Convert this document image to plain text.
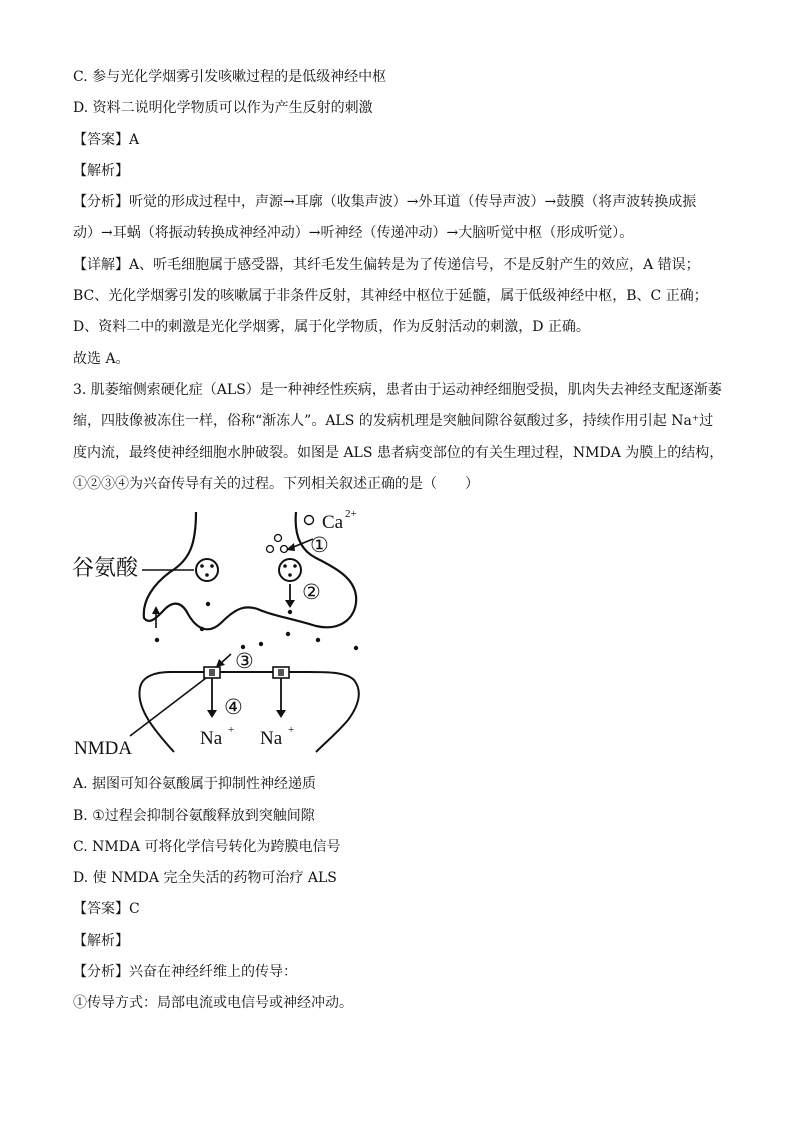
C. 参与光化学烟雾引发咳嗽过程的是低级神经中枢
D. 资料二说明化学物质可以作为产生反射的刺激
【答案】A
【解析】
【分析】听觉的形成过程中，声源→耳廓（收集声波）→外耳道（传导声波）→鼓膜（将声波转换成振
动）→耳蜗（将振动转换成神经冲动）→听神经（传递冲动）→大脑听觉中枢（形成听觉）。
【详解】A、听毛细胞属于感受器，其纤毛发生偏转是为了传递信号，不是反射产生的效应，A 错误；
BC、光化学烟雾引发的咳嗽属于非条件反射，其神经中枢位于延髓，属于低级神经中枢，B、C 正确；
D、资料二中的刺激是光化学烟雾，属于化学物质，作为反射活动的刺激，D 正确。
故选 A。
3. 肌萎缩侧索硬化症（ALS）是一种神经性疾病，患者由于运动神经细胞受损，肌肉失去神经支配逐渐萎
缩，四肢像被冻住一样，俗称“渐冻人”。ALS 的发病机理是突触间隙谷氨酸过多，持续作用引起 Na⁺过
度内流，最终使神经细胞水肿破裂。如图是 ALS 患者病变部位的有关生理过程，NMDA 为膜上的结构，
①②③④为兴奋传导有关的过程。下列相关叙述正确的是（　　）
谷氨酸
Ca 2+
①
②
③
④
Na + Na +
NMDA
A. 据图可知谷氨酸属于抑制性神经递质
B. ①过程会抑制谷氨酸释放到突触间隙
C. NMDA 可将化学信号转化为跨膜电信号
D. 使 NMDA 完全失活的药物可治疗 ALS
【答案】C
【解析】
【分析】兴奋在神经纤维上的传导：
①传导方式：局部电流或电信号或神经冲动。
